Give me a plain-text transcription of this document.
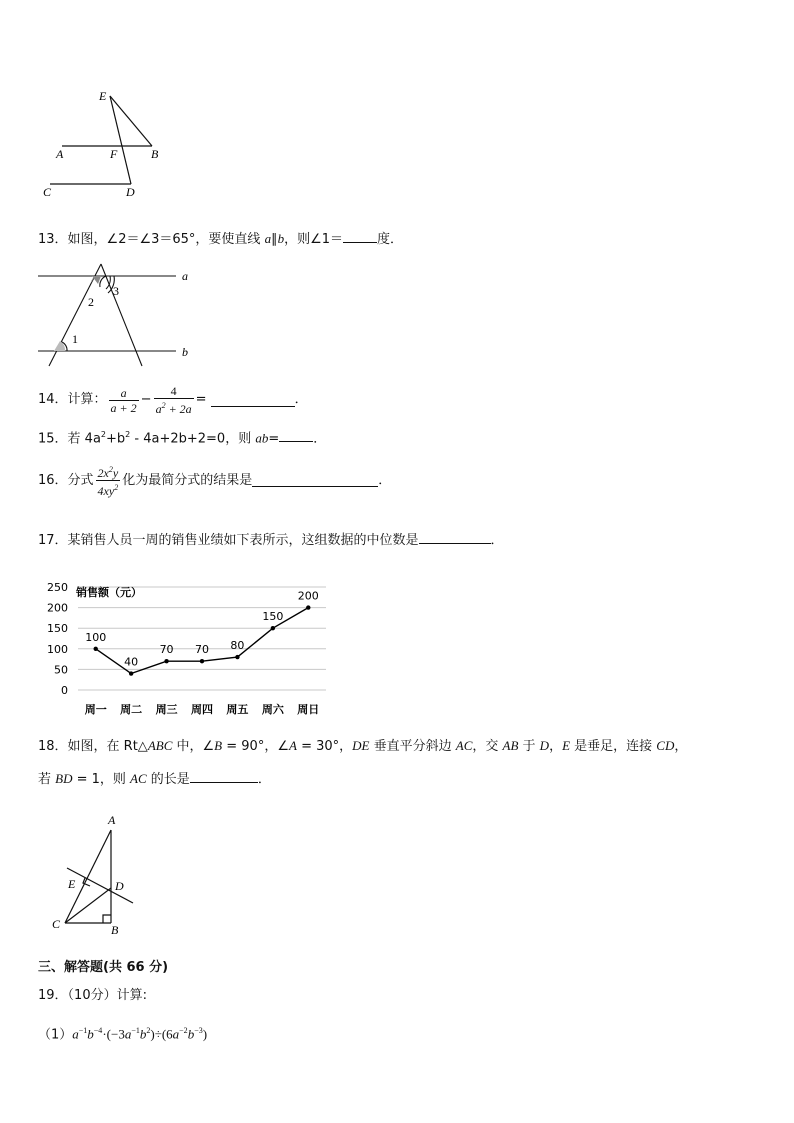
E
A	F	B
C	D
13．如图，∠2＝∠3＝65°，要使直线 a∥b，则∠1＝	度．
a
b
1
2
3
14．计算： $\frac{a}{a + 2} - \frac{4}{a^2 + 2a}$ =	．
15．若 $4a^2+b^2 - 4a+2b+2=0$，则 ab=	．
16．分式 $\frac{2x^2y}{4xy^2}$ 化为最简分式的结果是	．
17．某销售人员一周的销售业绩如下表所示，这组数据的中位数是	．
0
50
100
150
200
250
100
40
70 70 80
150
200
周一 周二 周三 周四 周五 周六 周日
销售额（元）
18．如图，在 Rt△ABC 中，∠B = 90°，∠A = 30°，DE 垂直平分斜边 AC，交 AB 于 D，E 是垂足，连接 CD，
若 BD = 1，则 AC 的长是	．
A
E	D
C	B
三、解答题(共 66 分)
19．（10分）计算:
$(1)a^{-1}b^{-4}\cdot(-3a^{-1}b^2)\div(6a^{-2}b^{-3})$
